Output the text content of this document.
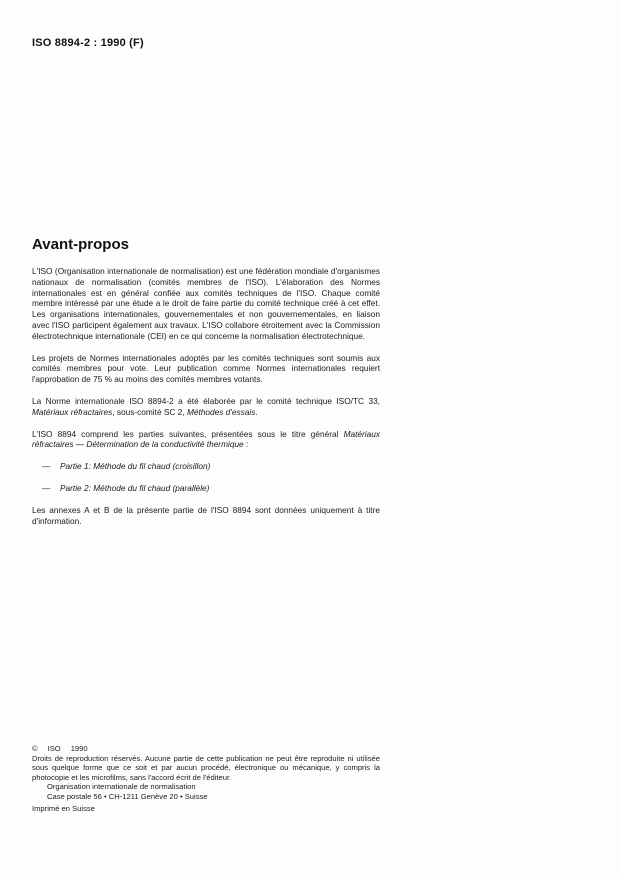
ISO 8894-2 : 1990 (F)
Avant-propos

L'ISO (Organisation internationale de normalisation) est une fédération mondiale d'organismes nationaux de normalisation (comités membres de l'ISO). L'élaboration des Normes internationales est en général confiée aux comités techniques de l'ISO. Chaque comité membre intéressé par une étude a le droit de faire partie du comité technique créé à cet effet. Les organisations internationales, gouvernementales et non gouvernementales, en liaison avec l'ISO participent également aux travaux. L'ISO collabore étroitement avec la Commission électrotechnique internationale (CEI) en ce qui concerne la normalisation électrotechnique.

Les projets de Normes internationales adoptés par les comités techniques sont soumis aux comités membres pour vote. Leur publication comme Normes internationales requiert l'approbation de 75 % au moins des comités membres votants.

La Norme internationale ISO 8894-2 a été élaborée par le comité technique ISO/TC 33, Matériaux réfractaires, sous-comité SC 2, Méthodes d'essais.

L'ISO 8894 comprend les parties suivantes, présentées sous le titre général Matériaux réfractaires — Détermination de la conductivité thermique :

—	Partie 1: Méthode du fil chaud (croisillon)
—	Partie 2: Méthode du fil chaud (parallèle)

Les annexes A et B de la présente partie de l'ISO 8894 sont données uniquement à titre d'information.

© ISO 1990
Droits de reproduction réservés. Aucune partie de cette publication ne peut être reproduite ni utilisée sous quelque forme que ce soit et par aucun procédé, électronique ou mécanique, y compris la photocopie et les microfilms, sans l'accord écrit de l'éditeur.
Organisation internationale de normalisation
Case postale 56 • CH-1211 Genève 20 • Suisse
Imprimé en Suisse
